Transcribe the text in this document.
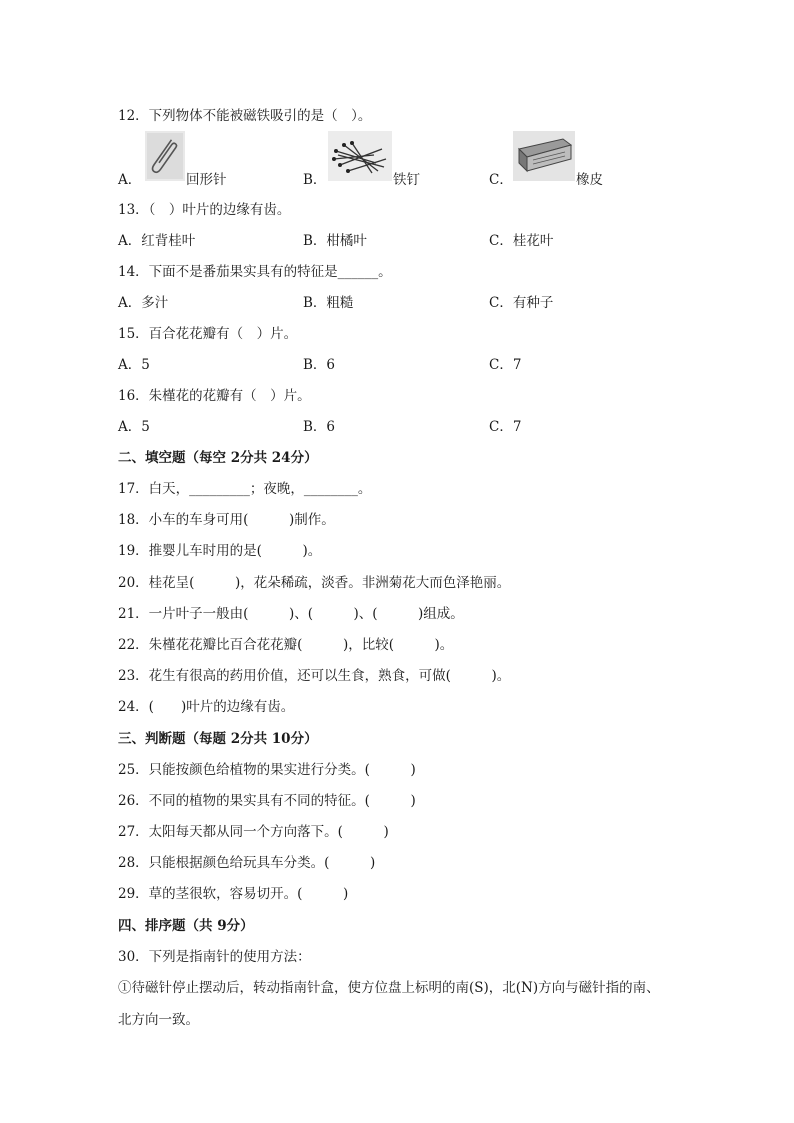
12．下列物体不能被磁铁吸引的是（　）。
A．	回形针	B．	铁钉	C．	橡皮
13．（　）叶片的边缘有齿。
A．红背桂叶	B．柑橘叶	C．桂花叶
14．下面不是番茄果实具有的特征是______。
A．多汁	B．粗糙	C．有种子
15．百合花花瓣有（　）片。
A．5	B．6	C．7
16．朱槿花的花瓣有（　）片。
A．5	B．6	C．7
二、填空题（每空 2分共 24分）
17．白天，_________；夜晚，________。
18．小车的车身可用(　　　)制作。
19．推婴儿车时用的是(　　　)。
20．桂花呈(　　　)，花朵稀疏，淡香。非洲菊花大而色泽艳丽。
21．一片叶子一般由(　　　)、(　　　)、(　　　)组成。
22．朱槿花花瓣比百合花花瓣(　　　)，比较(　　　)。
23．花生有很高的药用价值，还可以生食，熟食，可做(　　　)。
24．(　　)叶片的边缘有齿。
三、判断题（每题 2分共 10分）
25．只能按颜色给植物的果实进行分类。(　　　)
26．不同的植物的果实具有不同的特征。(　　　)
27．太阳每天都从同一个方向落下。(　　　)
28．只能根据颜色给玩具车分类。(　　　)
29．草的茎很软，容易切开。(　　　)
四、排序题（共 9分）
30．下列是指南针的使用方法：
①待磁针停止摆动后，转动指南针盒，使方位盘上标明的南(S)，北(N)方向与磁针指的南、
北方向一致。
